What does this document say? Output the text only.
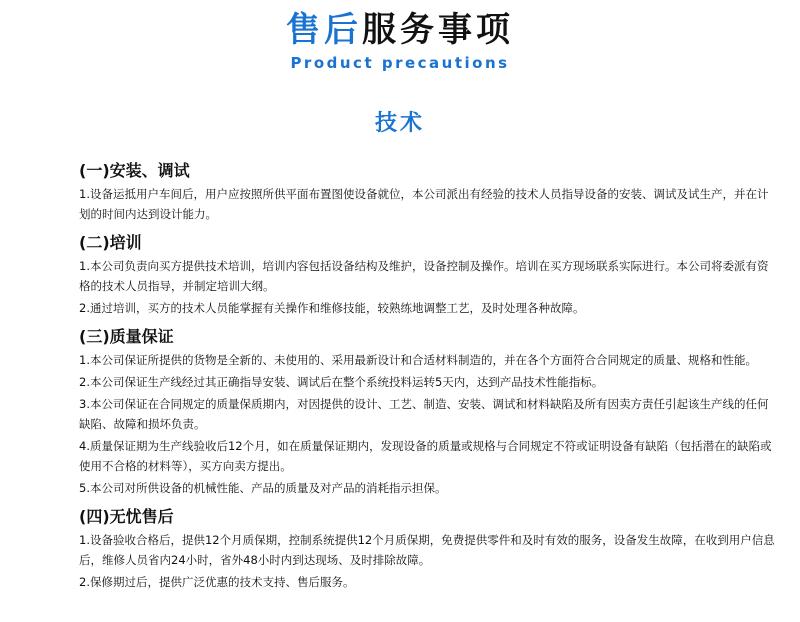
售后服务事项
Product precautions
技术
(一)安装、调试
1.设备运抵用户车间后，用户应按照所供平面布置图使设备就位，本公司派出有经验的技术人员指导设备的安装、调试及试生产，并在计划的时间内达到设计能力。
(二)培训
1.本公司负责向买方提供技术培训，培训内容包括设备结构及维护，设备控制及操作。培训在买方现场联系实际进行。本公司将委派有资格的技术人员指导，并制定培训大纲。
2.通过培训，买方的技术人员能掌握有关操作和维修技能，较熟练地调整工艺，及时处理各种故障。
(三)质量保证
1.本公司保证所提供的货物是全新的、未使用的、采用最新设计和合适材料制造的，并在各个方面符合合同规定的质量、规格和性能。
2.本公司保证生产线经过其正确指导安装、调试后在整个系统投料运转5天内，达到产品技术性能指标。
3.本公司保证在合同规定的质量保质期内，对因提供的设计、工艺、制造、安装、调试和材料缺陷及所有因卖方责任引起该生产线的任何缺陷、故障和损坏负责。
4.质量保证期为生产线验收后12个月，如在质量保证期内，发现设备的质量或规格与合同规定不符或证明设备有缺陷（包括潜在的缺陷或使用不合格的材料等），买方向卖方提出。
5.本公司对所供设备的机械性能、产品的质量及对产品的消耗指示担保。
(四)无忧售后
1.设备验收合格后，提供12个月质保期，控制系统提供12个月质保期，免费提供零件和及时有效的服务，设备发生故障，在收到用户信息后，维修人员省内24小时，省外48小时内到达现场、及时排除故障。
2.保修期过后，提供广泛优惠的技术支持、售后服务。
